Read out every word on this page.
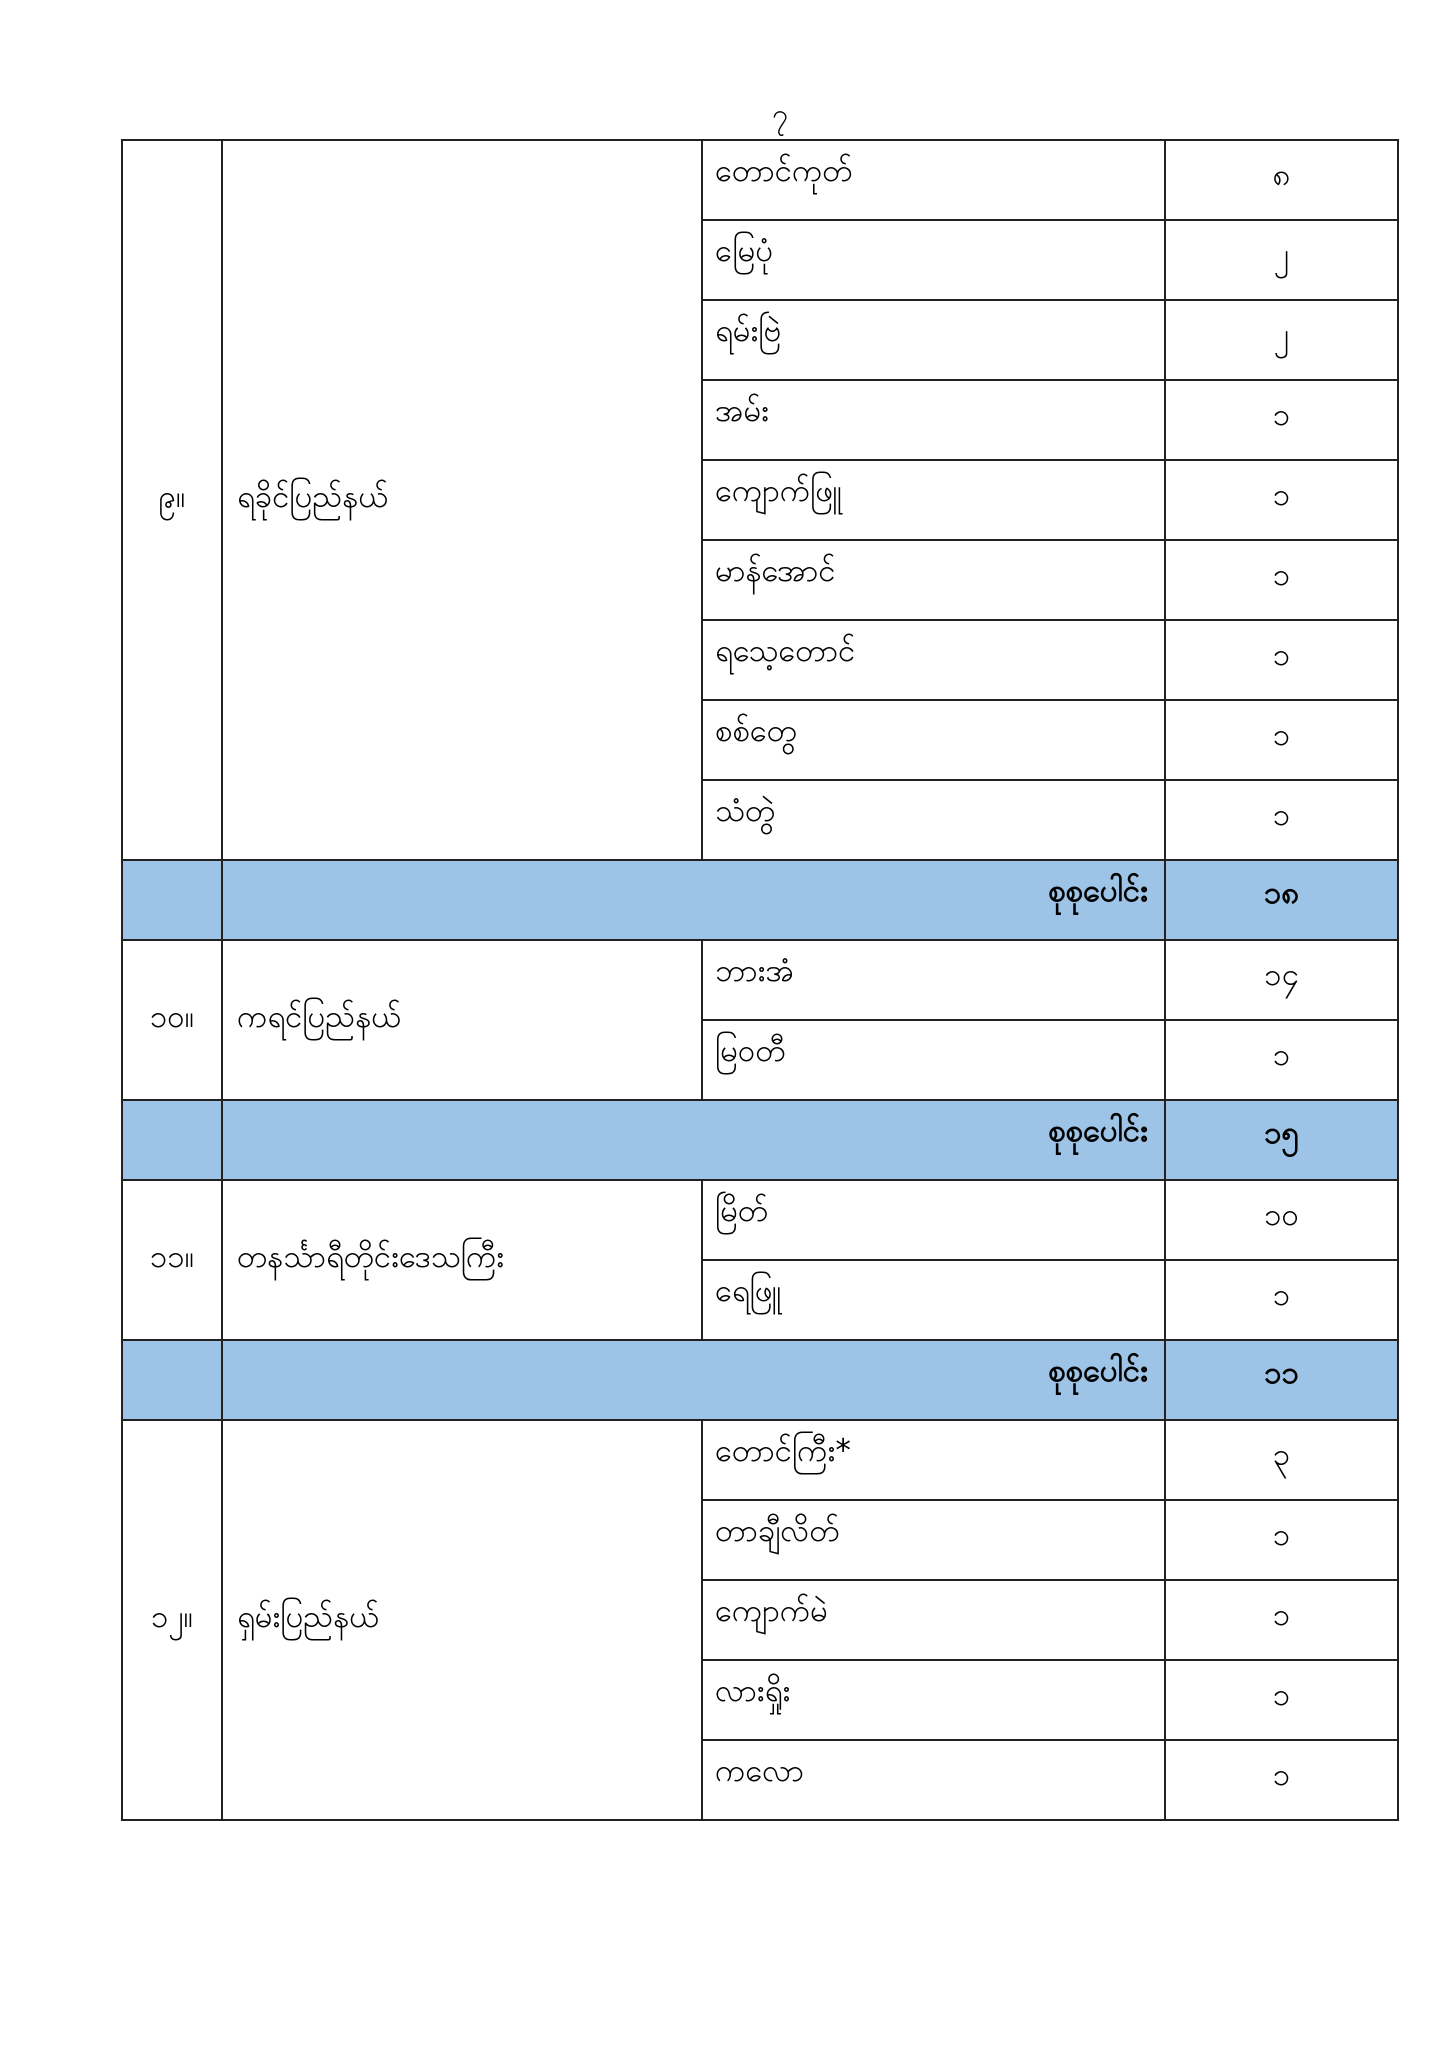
၇
၉။	ရခိုင်ပြည်နယ်	တောင်ကုတ်	၈
		မြေပုံ	၂
		ရမ်းဗြဲ	၂
		အမ်း	၁
		ကျောက်ဖြူ	၁
		မာန်အောင်	၁
		ရသေ့တောင်	၁
		စစ်တွေ	၁
		သံတွဲ	၁
	စုစုပေါင်း		၁၈
၁၀။	ကရင်ပြည်နယ်	ဘားအံ	၁၄
		မြဝတီ	၁
	စုစုပေါင်း		၁၅
၁၁။	တနင်္သာရီတိုင်းဒေသကြီး	မြိတ်	၁၀
		ရေဖြူ	၁
	စုစုပေါင်း		၁၁
၁၂။	ရှမ်းပြည်နယ်	တောင်ကြီး*	၃
		တာချီလိတ်	၁
		ကျောက်မဲ	၁
		လားရှိုး	၁
		ကလော	၁
